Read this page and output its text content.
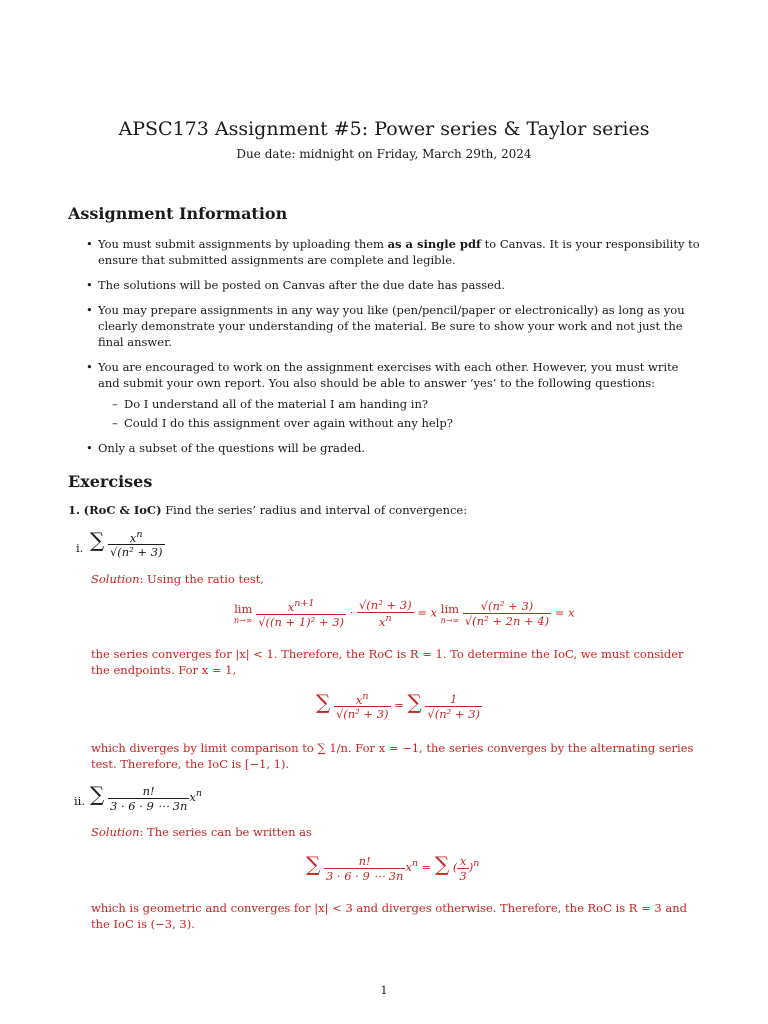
APSC173 Assignment #5: Power series & Taylor series
Due date: midnight on Friday, March 29th, 2024
Assignment Information
• You must submit assignments by uploading them as a single pdf to Canvas. It is your responsibility to ensure that submitted assignments are complete and legible.
• The solutions will be posted on Canvas after the due date has passed.
• You may prepare assignments in any way you like (pen/pencil/paper or electronically) as long as you clearly demonstrate your understanding of the material. Be sure to show your work and not just the final answer.
• You are encouraged to work on the assignment exercises with each other. However, you must write and submit your own report. You also should be able to answer ‘yes’ to the following questions:
– Do I understand all of the material I am handing in?
– Could I do this assignment over again without any help?
• Only a subset of the questions will be graded.
Exercises
1. (RoC & IoC) Find the series’ radius and interval of convergence:
i. ∑ $\frac{x^n}{\text{√(n² + 3)}}$
Solution: Using the ratio test,
lim
n→∞
$\frac{x^{n+1}}{\text{√((n + 1)² + 3)}} \cdot \frac{\text{√(n² + 3)}}{x^n} = x$ lim
n→∞
$\frac{\text{√(n² + 3)}}{\text{√(n² + 2n + 4)}} = x$
the series converges for |x| < 1. Therefore, the RoC is R = 1. To determine the IoC, we must consider the endpoints. For x = 1,
∑ $\frac{x^n}{\text{√(n² + 3)}}$ = ∑ $\frac{1}{\text{√(n² + 3)}}$
which diverges by limit comparison to ∑ 1/n. For x = −1, the series converges by the alternating series test. Therefore, the IoC is [−1, 1).
ii. ∑ $\frac{n!}{3 \cdot 6 \cdot 9 \cdots 3n} x^n$
Solution: The series can be written as
∑ $\frac{n!}{3 \cdot 6 \cdot 9 \cdots 3n} x^n$ = ∑ ( $\frac{x}{3} )^n$
which is geometric and converges for |x| < 3 and diverges otherwise. Therefore, the RoC is R = 3 and the IoC is (−3, 3).
1
